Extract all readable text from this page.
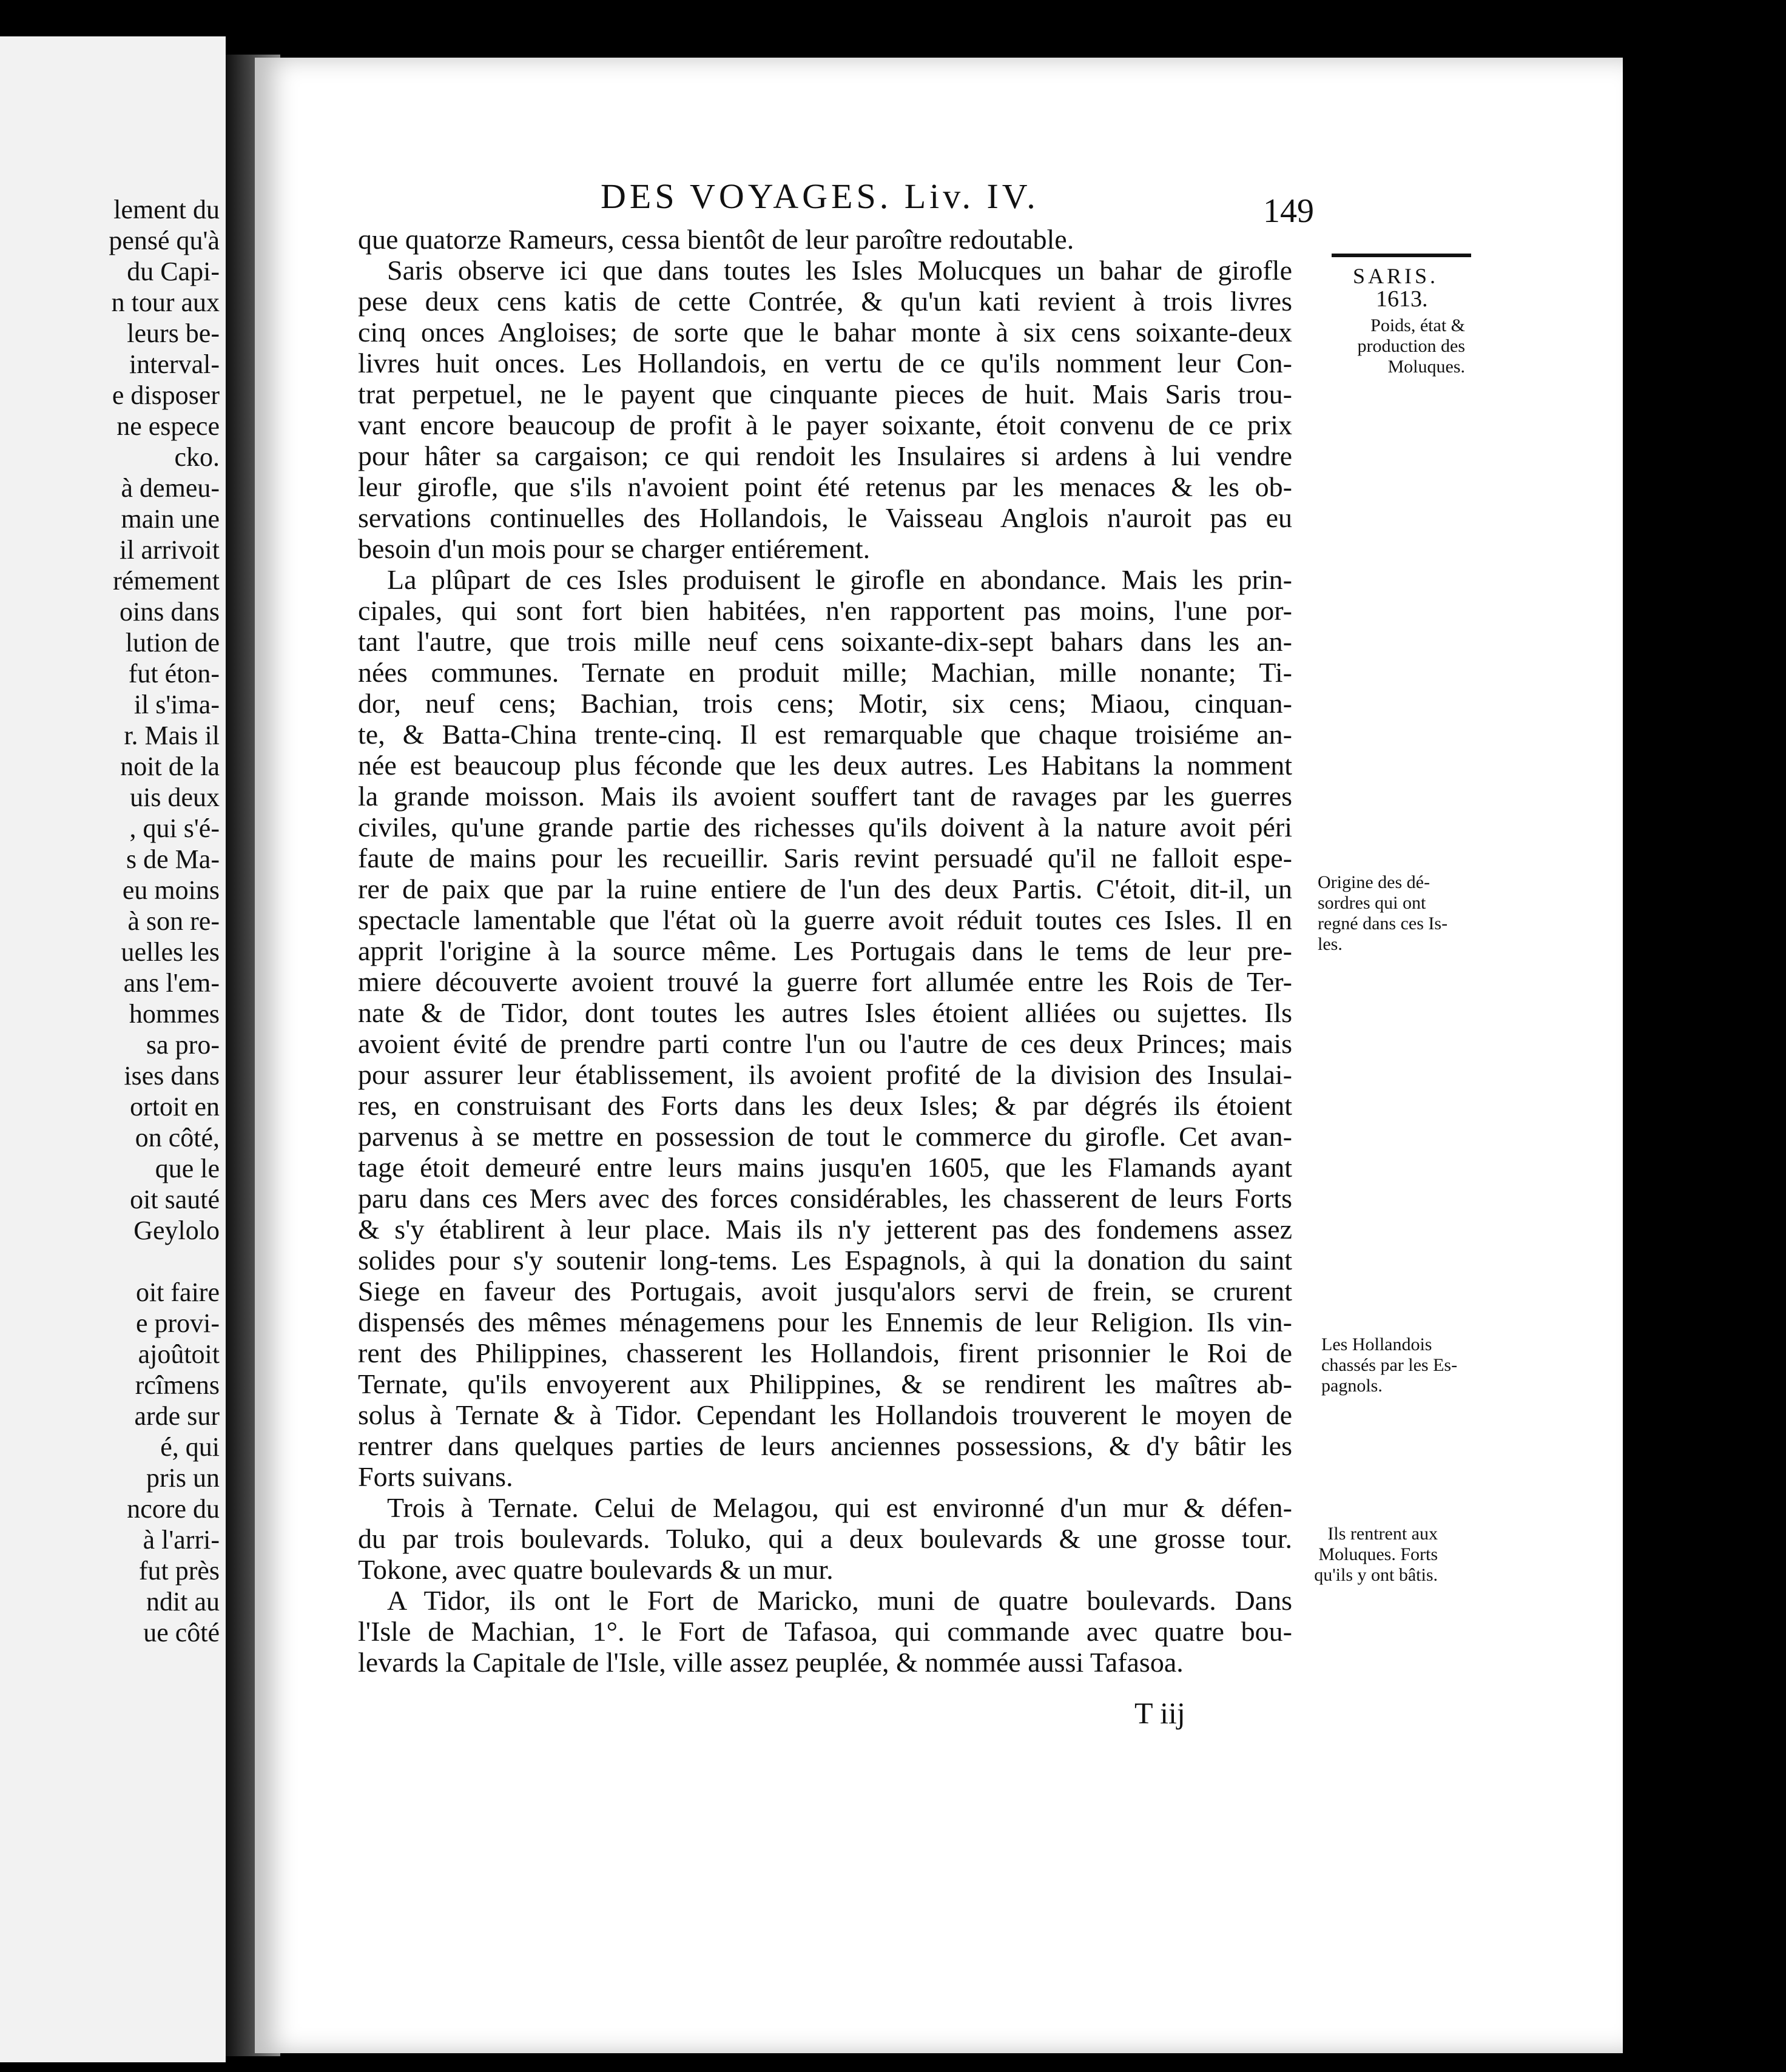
lement du
pensé qu'à
du Capi-
n tour aux
leurs be-
interval-
e disposer
ne espece
cko.
à demeu-
main une
il arrivoit
rémement
oins dans
lution de
fut éton-
il s'ima-
r. Mais il
noit de la
uis deux
, qui s'é-
s de Ma-
eu moins
à son re-
uelles les
ans l'em-
hommes
sa pro-
ises dans
ortoit en
on côté,
que le
oit sauté
Geylolo
oit faire
e provi-
ajoûtoit
rcîmens
arde sur
é, qui
pris un
ncore du
à l'arri-
fut près
ndit au
ue côté
DES VOYAGES. Liv. IV.	149
que quatorze Rameurs, cessa bientôt de leur paroître redoutable.
Saris observe ici que dans toutes les Isles Molucques un bahar de girofle
pese deux cens katis de cette Contrée, & qu'un kati revient à trois livres
cinq onces Angloises; de sorte que le bahar monte à six cens soixante-deux
livres huit onces. Les Hollandois, en vertu de ce qu'ils nomment leur Con-
trat perpetuel, ne le payent que cinquante pieces de huit. Mais Saris trou-
vant encore beaucoup de profit à le payer soixante, étoit convenu de ce prix
pour hâter sa cargaison; ce qui rendoit les Insulaires si ardens à lui vendre
leur girofle, que s'ils n'avoient point été retenus par les menaces & les ob-
servations continuelles des Hollandois, le Vaisseau Anglois n'auroit pas eu
besoin d'un mois pour se charger entiérement.
La plûpart de ces Isles produisent le girofle en abondance. Mais les prin-
cipales, qui sont fort bien habitées, n'en rapportent pas moins, l'une por-
tant l'autre, que trois mille neuf cens soixante-dix-sept bahars dans les an-
nées communes. Ternate en produit mille; Machian, mille nonante; Ti-
dor, neuf cens; Bachian, trois cens; Motir, six cens; Miaou, cinquan-
te, & Batta-China trente-cinq. Il est remarquable que chaque troisiéme an-
née est beaucoup plus féconde que les deux autres. Les Habitans la nomment
la grande moisson. Mais ils avoient souffert tant de ravages par les guerres
civiles, qu'une grande partie des richesses qu'ils doivent à la nature avoit péri
faute de mains pour les recueillir. Saris revint persuadé qu'il ne falloit espe-
rer de paix que par la ruine entiere de l'un des deux Partis. C'étoit, dit-il, un
spectacle lamentable que l'état où la guerre avoit réduit toutes ces Isles. Il en
apprit l'origine à la source même. Les Portugais dans le tems de leur pre-
miere découverte avoient trouvé la guerre fort allumée entre les Rois de Ter-
nate & de Tidor, dont toutes les autres Isles étoient alliées ou sujettes. Ils
avoient évité de prendre parti contre l'un ou l'autre de ces deux Princes; mais
pour assurer leur établissement, ils avoient profité de la division des Insulai-
res, en construisant des Forts dans les deux Isles; & par dégrés ils étoient
parvenus à se mettre en possession de tout le commerce du girofle. Cet avan-
tage étoit demeuré entre leurs mains jusqu'en 1605, que les Flamands ayant
paru dans ces Mers avec des forces considérables, les chasserent de leurs Forts
& s'y établirent à leur place. Mais ils n'y jetterent pas des fondemens assez
solides pour s'y soutenir long-tems. Les Espagnols, à qui la donation du saint
Siege en faveur des Portugais, avoit jusqu'alors servi de frein, se crurent
dispensés des mêmes ménagemens pour les Ennemis de leur Religion. Ils vin-
rent des Philippines, chasserent les Hollandois, firent prisonnier le Roi de
Ternate, qu'ils envoyerent aux Philippines, & se rendirent les maîtres ab-
solus à Ternate & à Tidor. Cependant les Hollandois trouverent le moyen de
rentrer dans quelques parties de leurs anciennes possessions, & d'y bâtir les
Forts suivans.
Trois à Ternate. Celui de Melagou, qui est environné d'un mur & défen-
du par trois boulevards. Toluko, qui a deux boulevards & une grosse tour.
Tokone, avec quatre boulevards & un mur.
A Tidor, ils ont le Fort de Maricko, muni de quatre boulevards. Dans
l'Isle de Machian, 1°. le Fort de Tafasoa, qui commande avec quatre bou-
levards la Capitale de l'Isle, ville assez peuplée, & nommée aussi Tafasoa.
T iij
SARIS.
1613.
Poids, état &
production des
Moluques.
Origine des dé-
sordres qui ont
regné dans ces Is-
les.
Les Hollandois
chassés par les Es-
pagnols.
Ils rentrent aux
Moluques. Forts
qu'ils y ont bâtis.
